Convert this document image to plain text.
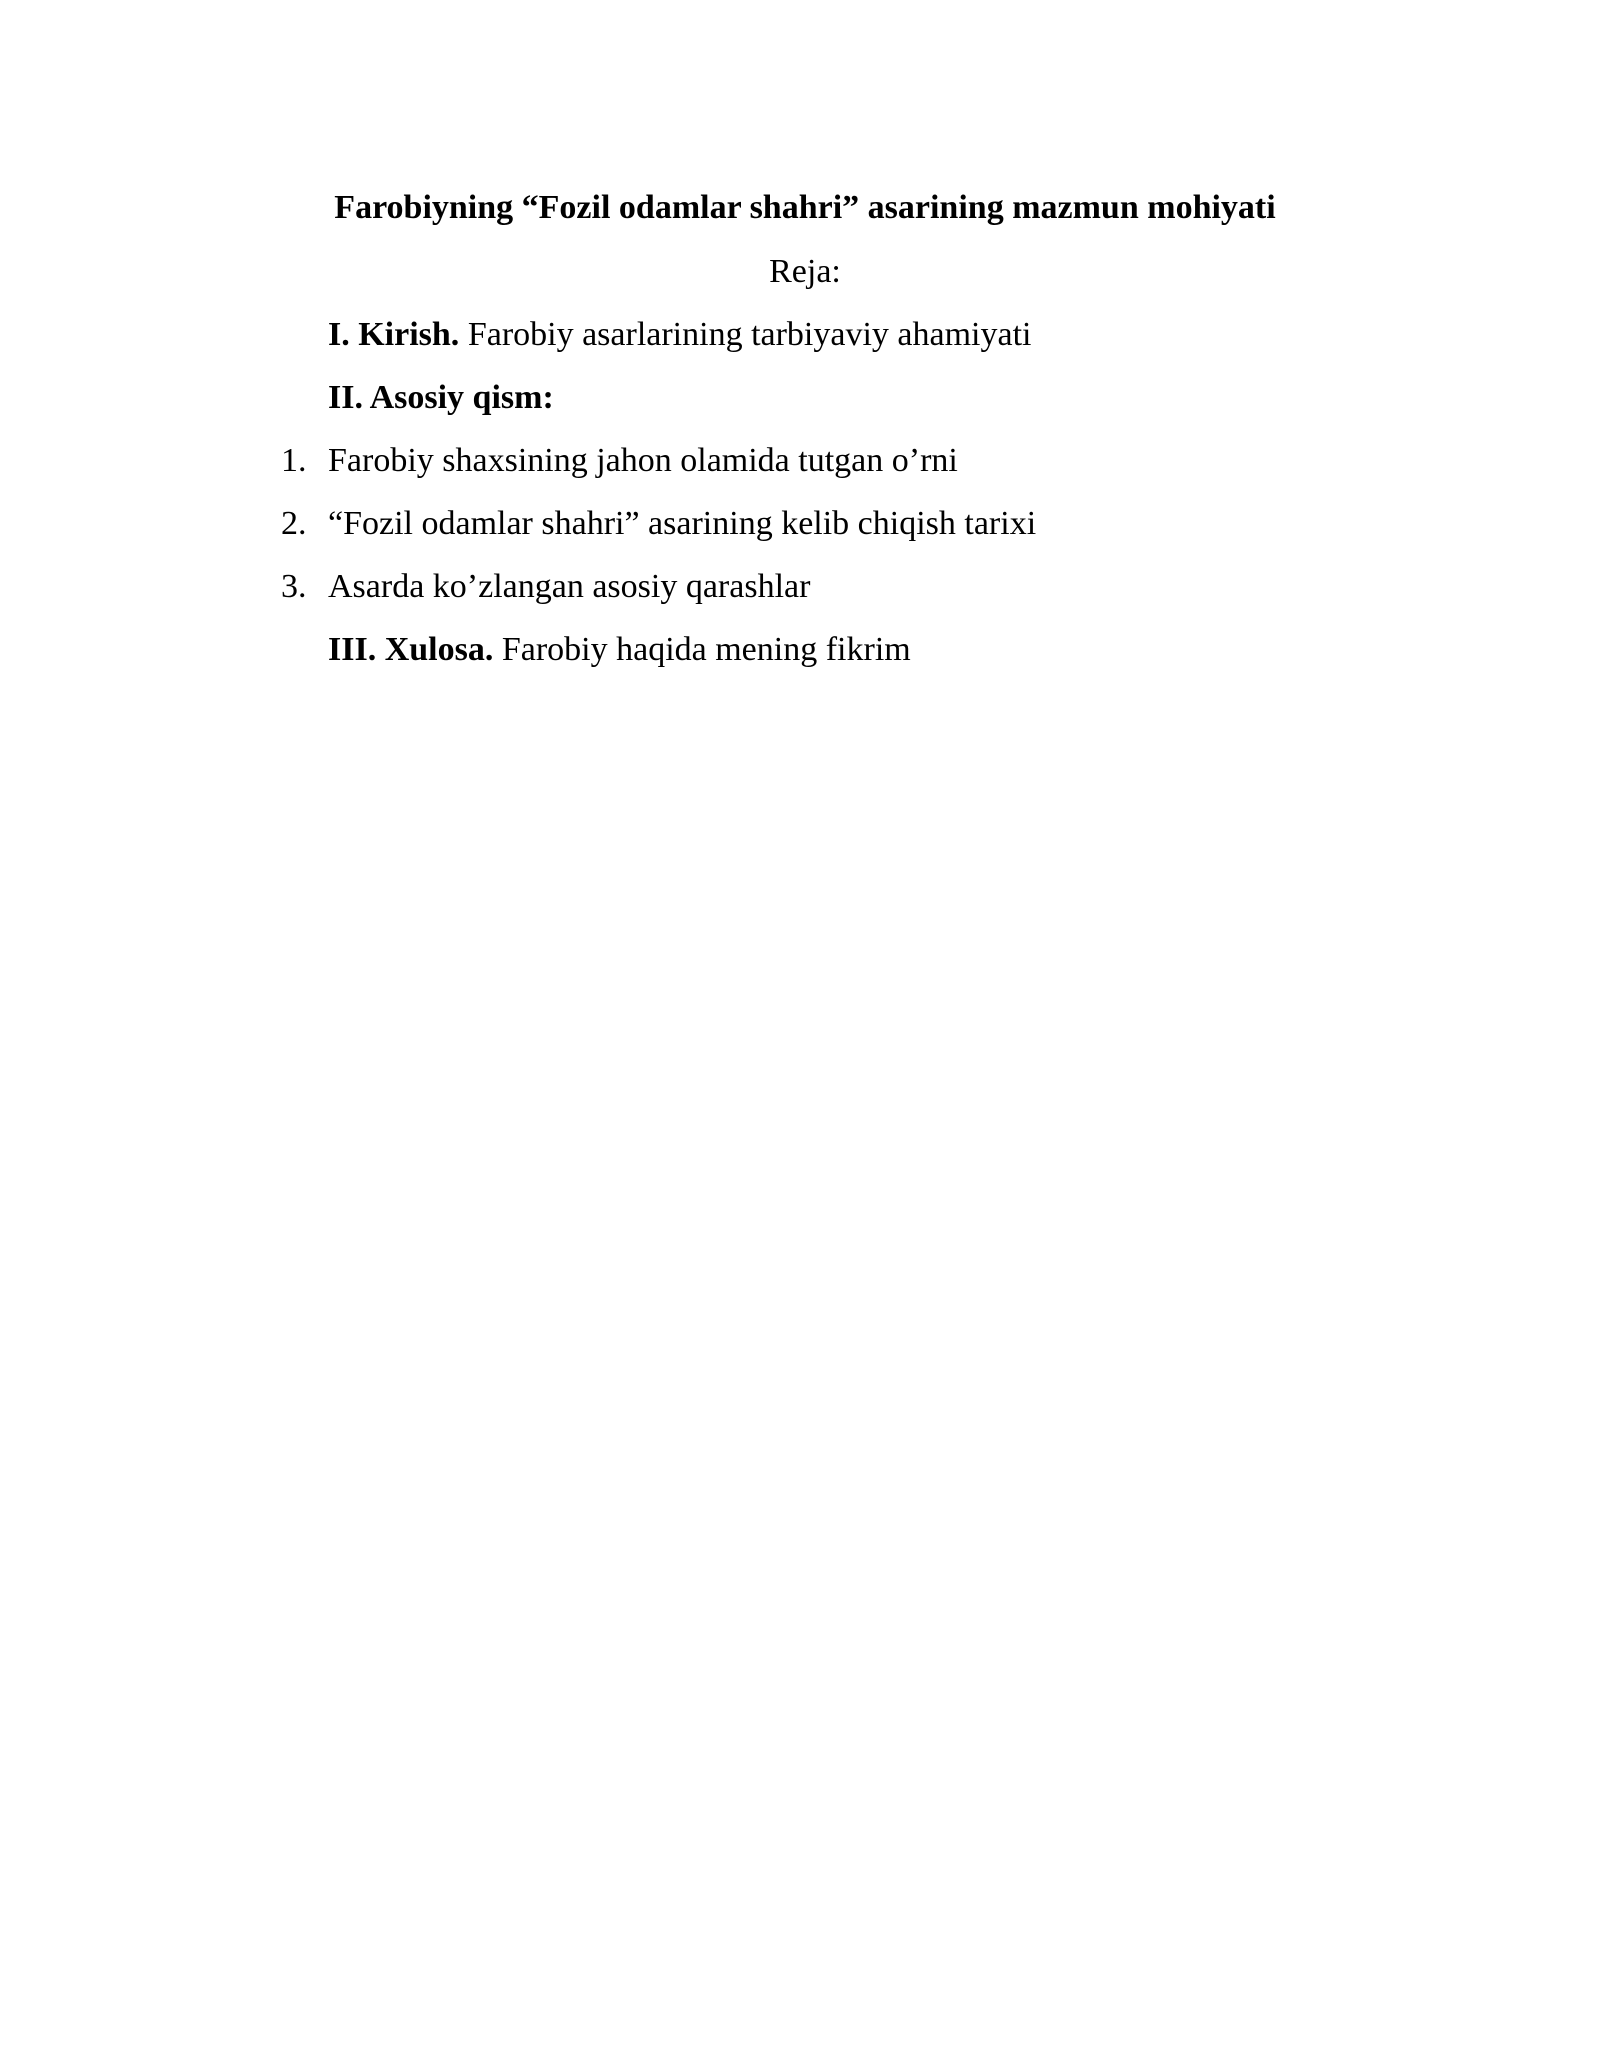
Farobiyning “Fozil odamlar shahri” asarining mazmun mohiyati
Reja:
I. Kirish. Farobiy asarlarining tarbiyaviy ahamiyati
II. Asosiy qism:
1. Farobiy shaxsining jahon olamida tutgan o’rni
2. “Fozil odamlar shahri” asarining kelib chiqish tarixi
3. Asarda ko’zlangan asosiy qarashlar
III. Xulosa. Farobiy haqida mening fikrim
